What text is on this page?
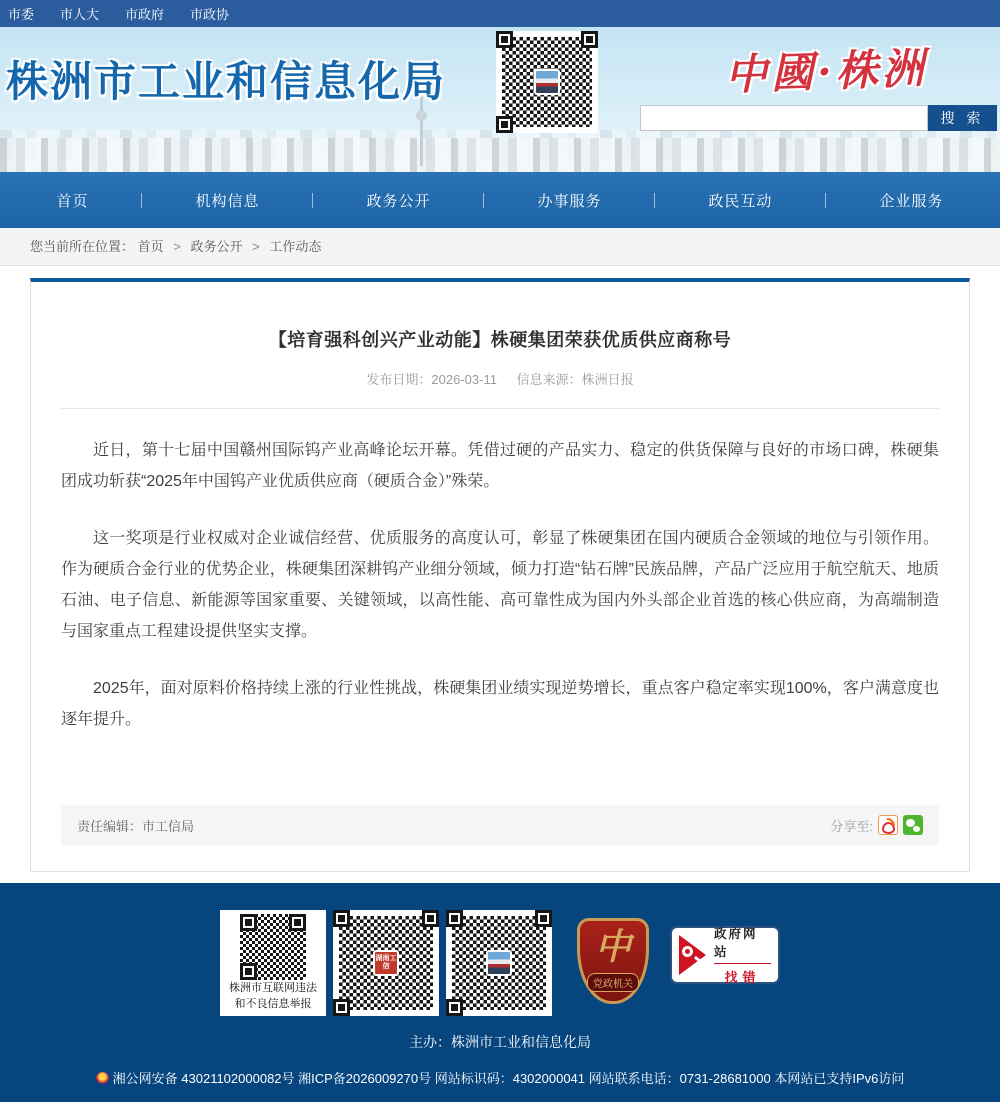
市委 市人大 市政府 市政协
株洲市工业和信息化局	中國·株洲
搜 索
首页	机构信息	政务公开	办事服务	政民互动	企业服务
您当前所在位置： 首页 > 政务公开 > 工作动态
【培育强科创兴产业动能】株硬集团荣获优质供应商称号
发布日期：2026-03-11 信息来源：株洲日报

近日，第十七届中国赣州国际钨产业高峰论坛开幕。凭借过硬的产品实力、稳定的供货保障与良好的市场口碑，株硬集团成功斩获“2025年中国钨产业优质供应商（硬质合金）”殊荣。

这一奖项是行业权威对企业诚信经营、优质服务的高度认可，彰显了株硬集团在国内硬质合金领域的地位与引领作用。作为硬质合金行业的优势企业，株硬集团深耕钨产业细分领域，倾力打造“钻石牌”民族品牌，产品广泛应用于航空航天、地质石油、电子信息、新能源等国家重要、关键领域，以高性能、高可靠性成为国内外头部企业首选的核心供应商，为高端制造与国家重点工程建设提供坚实支撑。

2025年，面对原料价格持续上涨的行业性挑战，株硬集团业绩实现逆势增长，重点客户稳定率实现100%，客户满意度也逐年提升。

责任编辑：市工信局	分享至:
株洲市互联网违法
和不良信息举报
湖南工信	中
党政机关
政府网站
找错
主办：株洲市工业和信息化局
湘公网安备 43021102000082号 湘ICP备2026009270号 网站标识码：4302000041 网站联系电话：0731-28681000 本网站已支持IPv6访问
